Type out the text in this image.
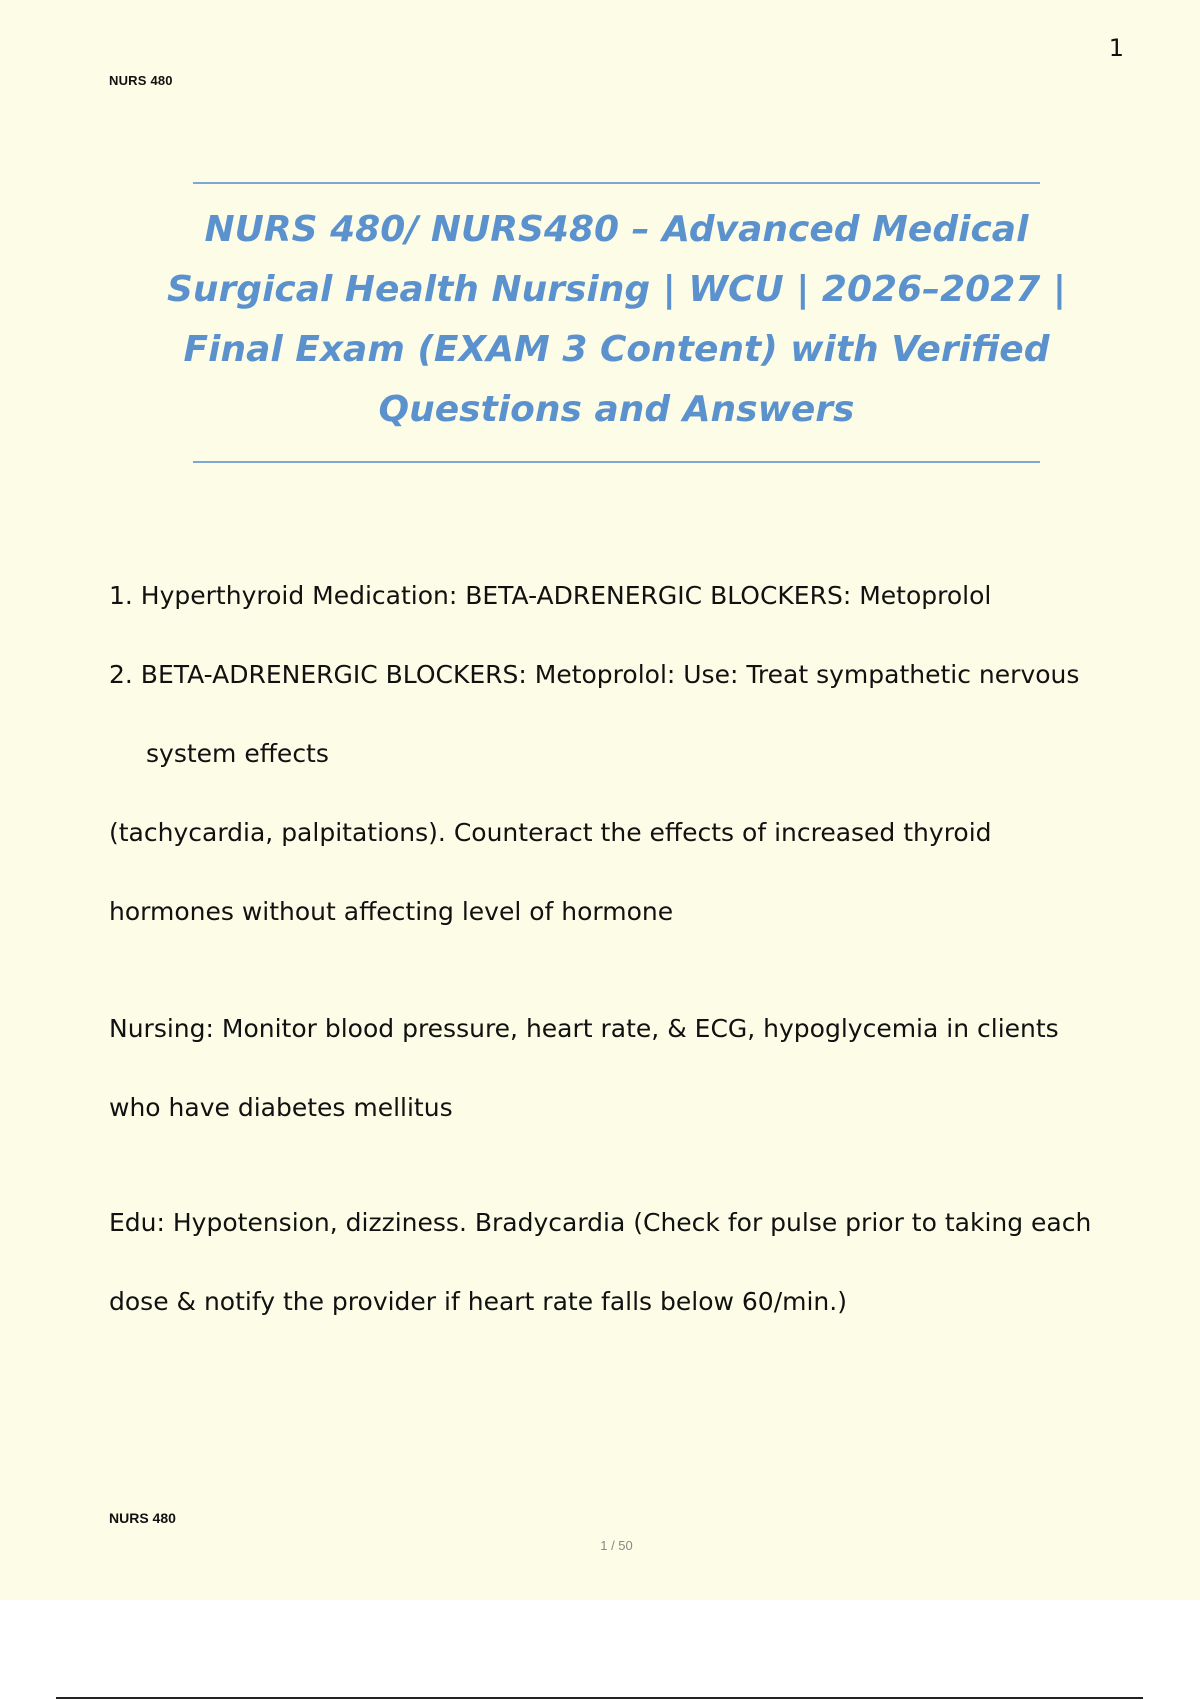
1
NURS 480
NURS 480/ NURS480 – Advanced Medical
Surgical Health Nursing | WCU | 2026–2027 |
Final Exam (EXAM 3 Content) with Verified
Questions and Answers
1. Hyperthyroid Medication: BETA-ADRENERGIC BLOCKERS: Metoprolol
2. BETA-ADRENERGIC BLOCKERS: Metoprolol: Use: Treat sympathetic nervous
system effects
(tachycardia, palpitations). Counteract the effects of increased thyroid
hormones without affecting level of hormone
Nursing: Monitor blood pressure, heart rate, & ECG, hypoglycemia in clients
who have diabetes mellitus
Edu: Hypotension, dizziness. Bradycardia (Check for pulse prior to taking each
dose & notify the provider if heart rate falls below 60/min.)
NURS 480
1 / 50
